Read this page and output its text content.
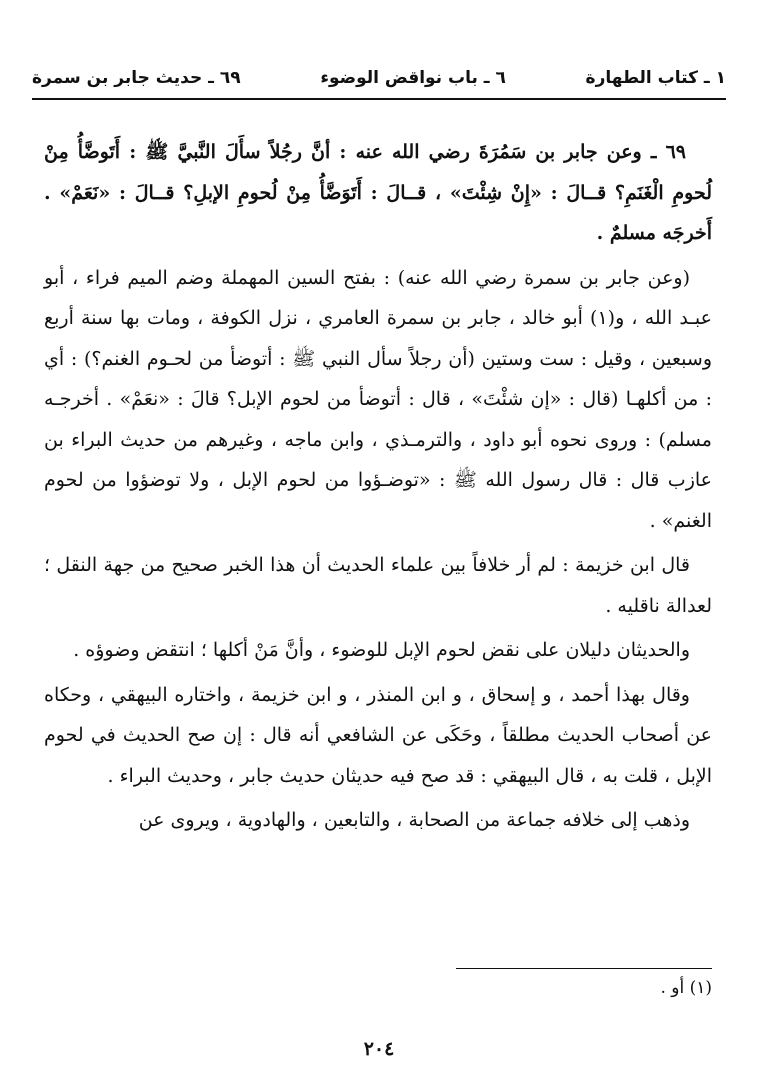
١ ـ كتاب الطهارة
٦ ـ باب نواقض الوضوء
٦٩ ـ حديث جابر بن سمرة

٦٩ ـ وعن جابر بن سَمُرَةَ رضي الله عنه : أنَّ رجُلاً سأَلَ النَّبيَّ ﷺ : أَتَوضَّأُ مِنْ لُحومِ الْغَنَمِ؟ قــالَ : «إِنْ شِئْتَ» ، قــالَ : أَتَوَضَّأُ مِنْ لُحومِ الإبلِ؟ قــالَ : «نَعَمْ» . أَخرجَه مسلمٌ .

(وعن جابر بن سمرة رضي الله عنه) : بفتح السين المهملة وضم الميم فراء ، أبو عبـد الله ، و(١) أبو خالد ، جابر بن سمرة العامري ، نزل الكوفة ، ومات بها سنة أربع وسبعين ، وقيل : ست وستين (أن رجلاً سأل النبي ﷺ : أتوضأ من لحـوم الغنم؟) : أي : من أكلهـا (قال : «إن شئْتَ» ، قال : أتوضأ من لحوم الإبل؟ قالَ : «نعَمْ» . أخرجـه مسلم) : وروى نحوه أبو داود ، والترمـذي ، وابن ماجه ، وغيرهم من حديث البراء بن عازب قال : قال رسول الله ﷺ : «توضـؤوا من لحوم الإبل ، ولا توضؤوا من لحوم الغنم» .

قال ابن خزيمة : لم أر خلافاً بين علماء الحديث أن هذا الخبر صحيح من جهة النقل ؛ لعدالة ناقليه .

والحديثان دليلان على نقض لحوم الإبل للوضوء ، وأنَّ مَنْ أكلها ؛ انتقض وضوؤه .

وقال بهذا أحمد ، و إسحاق ، و ابن المنذر ، و ابن خزيمة ، واختاره البيهقي ، وحكاه عن أصحاب الحديث مطلقاً ، وحَكَى عن الشافعي أنه قال : إن صح الحديث في لحوم الإبل ، قلت به ، قال البيهقي : قد صح فيه حديثان حديث جابر ، وحديث البراء .

وذهب إلى خلافه جماعة من الصحابة ، والتابعين ، والهادوية ، ويروى عن

(١) أو .
٢٠٤
